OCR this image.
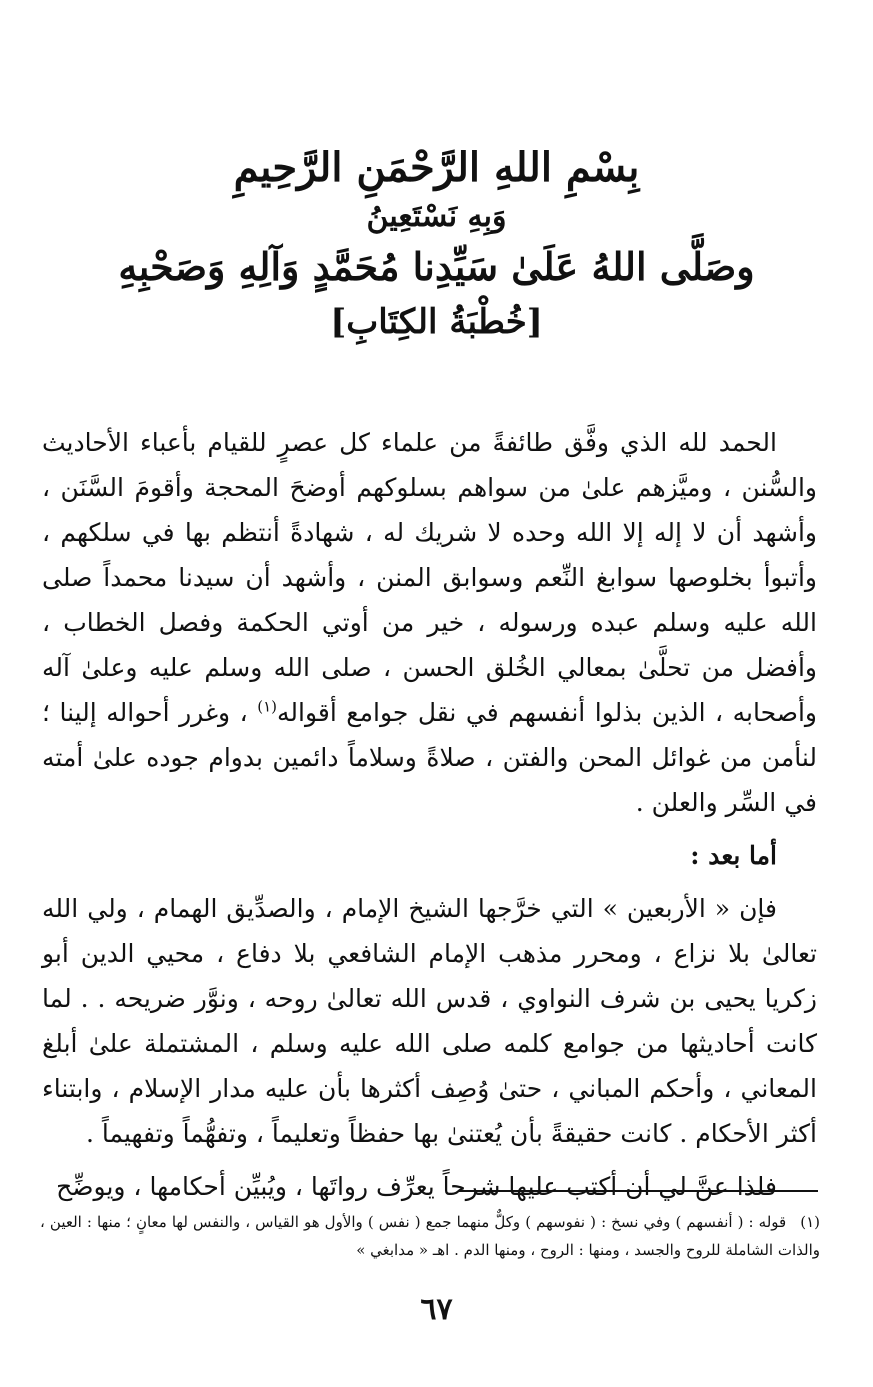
بِسْمِ اللهِ الرَّحْمَنِ الرَّحِيمِ

وَبِهِ نَسْتَعِينُ

وصَلَّى اللهُ عَلَىٰ سَيِّدِنا مُحَمَّدٍ وَآلِهِ وَصَحْبِهِ

[خُطْبَةُ الكِتَابِ]

الحمد لله الذي وفَّق طائفةً من علماء كل عصرٍ للقيام بأعباء الأحاديث والسُّنن ، وميَّزهم علىٰ من سواهم بسلوكهم أوضحَ المحجة وأقومَ السَّنَن ، وأشهد أن لا إله إلا الله وحده لا شريك له ، شهادةً أنتظم بها في سلكهم ، وأتبوأ بخلوصها سوابغ النِّعم وسوابق المنن ، وأشهد أن سيدنا محمداً صلى الله عليه وسلم عبده ورسوله ، خير من أوتي الحكمة وفصل الخطاب ، وأفضل من تحلَّىٰ بمعالي الخُلق الحسن ، صلى الله وسلم عليه وعلىٰ آله وأصحابه ، الذين بذلوا أنفسهم في نقل جوامع أقواله$^{(١)}$ ، وغرر أحواله إلينا ؛ لنأمن من غوائل المحن والفتن ، صلاةً وسلاماً دائمين بدوام جوده علىٰ أمته في السِّر والعلن .

أما بعد :

فإن « الأربعين » التي خرَّجها الشيخ الإمام ، والصدِّيق الهمام ، ولي الله تعالىٰ بلا نزاع ، ومحرر مذهب الإمام الشافعي بلا دفاع ، محيي الدين أبو زكريا يحيى بن شرف النواوي ، قدس الله تعالىٰ روحه ، ونوَّر ضريحه . . لما كانت أحاديثها من جوامع كلمه صلى الله عليه وسلم ، المشتملة علىٰ أبلغ المعاني ، وأحكم المباني ، حتىٰ وُصِف أكثرها بأن عليه مدار الإسلام ، وابتناء أكثر الأحكام . كانت حقيقةً بأن يُعتنىٰ بها حفظاً وتعليماً ، وتفهُّماً وتفهيماً .

فلذا عنَّ لي أن أكتب عليها شرحاً يعرِّف رواتَها ، ويُبيِّن أحكامها ، ويوضِّح

(١)قوله : ( أنفسهم ) وفي نسخ : ( نفوسهم ) وكلٌّ منهما جمع ( نفس ) والأول هو القياس ، والنفس لها معانٍ ؛ منها : العين ، والذات الشاملة للروح والجسد ، ومنها : الروح ، ومنها الدم . اهـ « مدابغي »

٦٧
